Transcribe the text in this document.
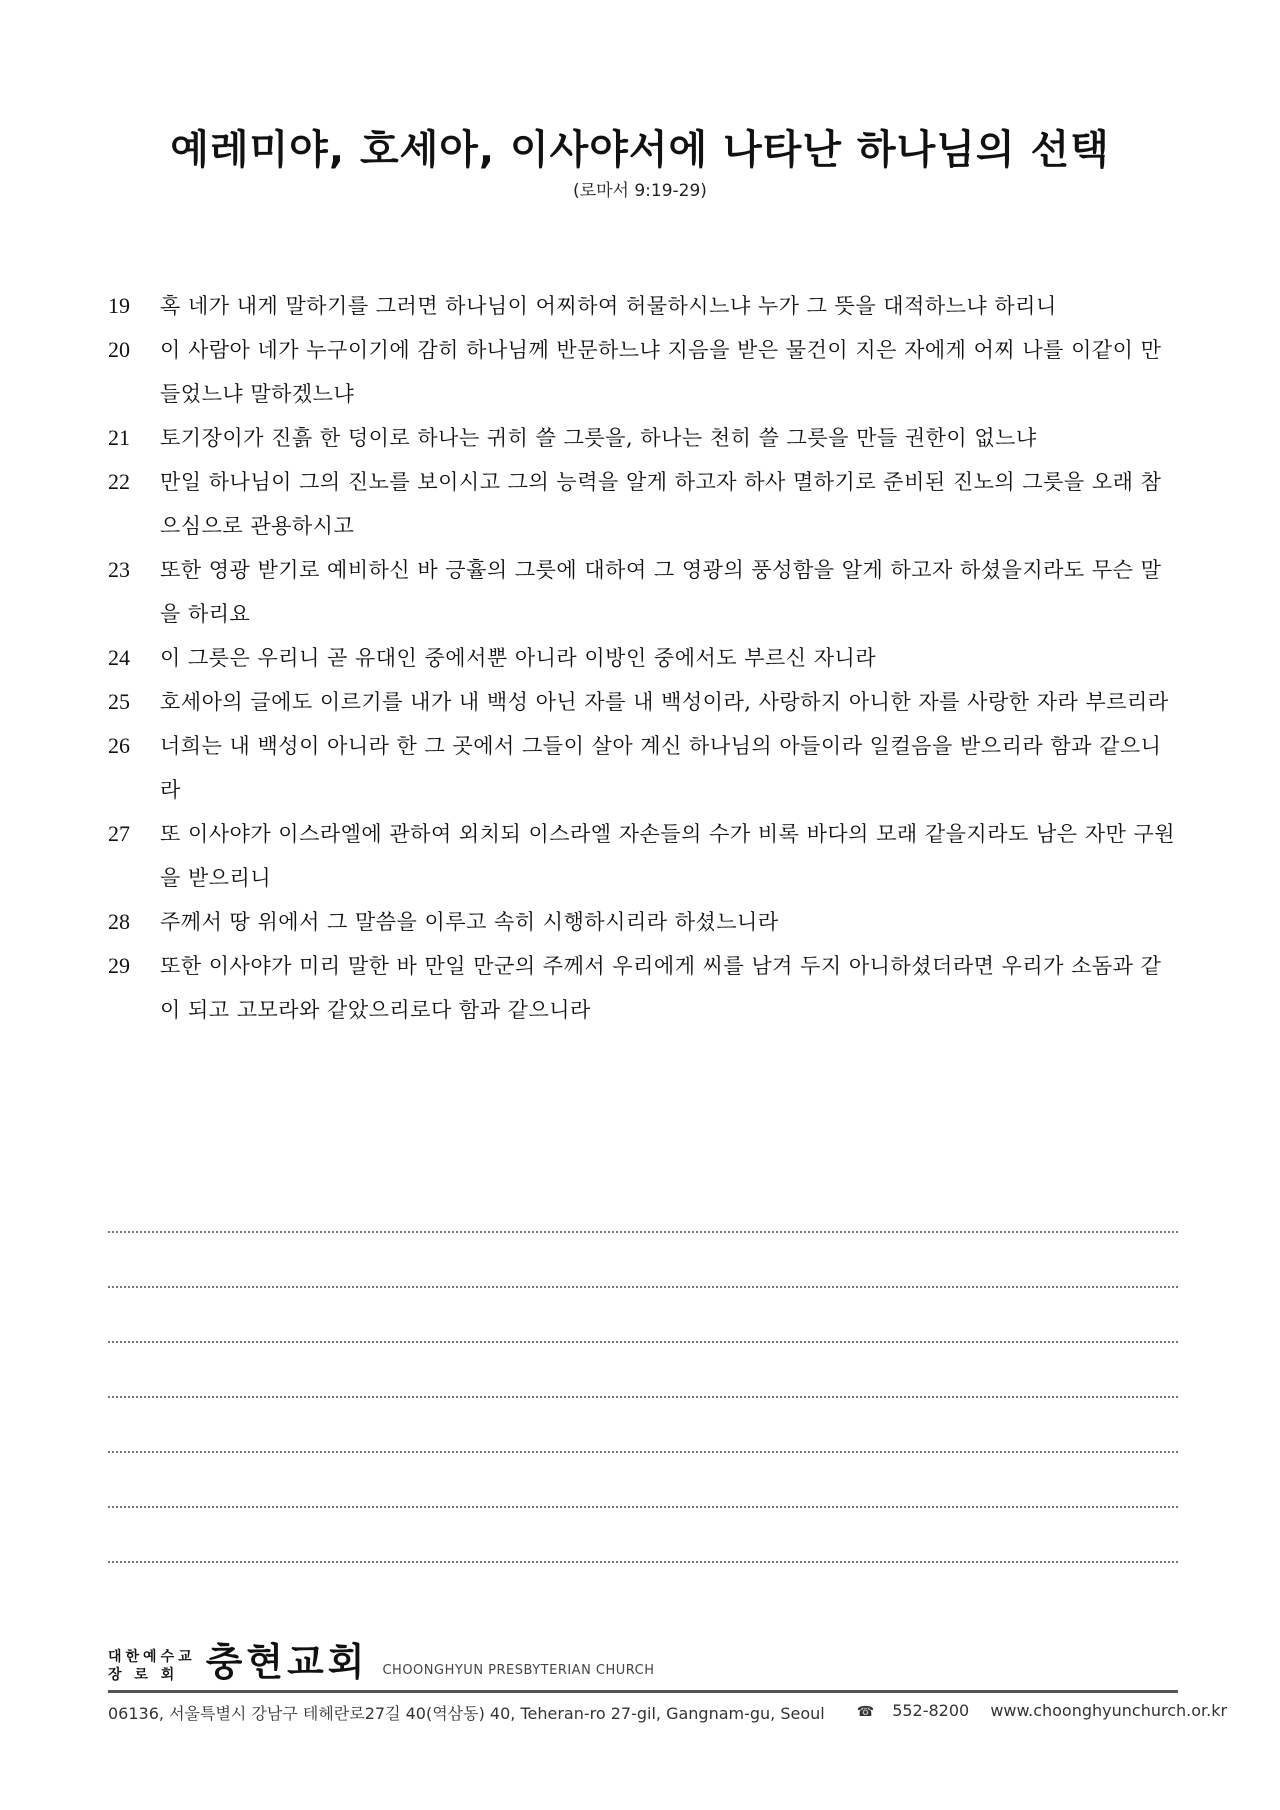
예레미야, 호세아, 이사야서에 나타난 하나님의 선택
(로마서 9:19-29)
19	혹 네가 내게 말하기를 그러면 하나님이 어찌하여 허물하시느냐 누가 그 뜻을 대적하느냐 하리니
20	이 사람아 네가 누구이기에 감히 하나님께 반문하느냐 지음을 받은 물건이 지은 자에게 어찌 나를 이같이 만들었느냐 말하겠느냐
21	토기장이가 진흙 한 덩이로 하나는 귀히 쓸 그릇을, 하나는 천히 쓸 그릇을 만들 권한이 없느냐
22	만일 하나님이 그의 진노를 보이시고 그의 능력을 알게 하고자 하사 멸하기로 준비된 진노의 그릇을 오래 참으심으로 관용하시고
23	또한 영광 받기로 예비하신 바 긍휼의 그릇에 대하여 그 영광의 풍성함을 알게 하고자 하셨을지라도 무슨 말을 하리요
24	이 그릇은 우리니 곧 유대인 중에서뿐 아니라 이방인 중에서도 부르신 자니라
25	호세아의 글에도 이르기를 내가 내 백성 아닌 자를 내 백성이라, 사랑하지 아니한 자를 사랑한 자라 부르리라
26	너희는 내 백성이 아니라 한 그 곳에서 그들이 살아 계신 하나님의 아들이라 일컬음을 받으리라 함과 같으니라
27	또 이사야가 이스라엘에 관하여 외치되 이스라엘 자손들의 수가 비록 바다의 모래 같을지라도 남은 자만 구원을 받으리니
28	주께서 땅 위에서 그 말씀을 이루고 속히 시행하시리라 하셨느니라
29	또한 이사야가 미리 말한 바 만일 만군의 주께서 우리에게 씨를 남겨 두지 아니하셨더라면 우리가 소돔과 같이 되고 고모라와 같았으리로다 함과 같으니라
대한예수교
장 로 회 충현교회 CHOONGHYUN PRESBYTERIAN CHURCH
06136, 서울특별시 강남구 테헤란로27길 40(역삼동) 40, Teheran-ro 27-gil, Gangnam-gu, Seoul	☎ 552-8200 www.choonghyunchurch.or.kr
